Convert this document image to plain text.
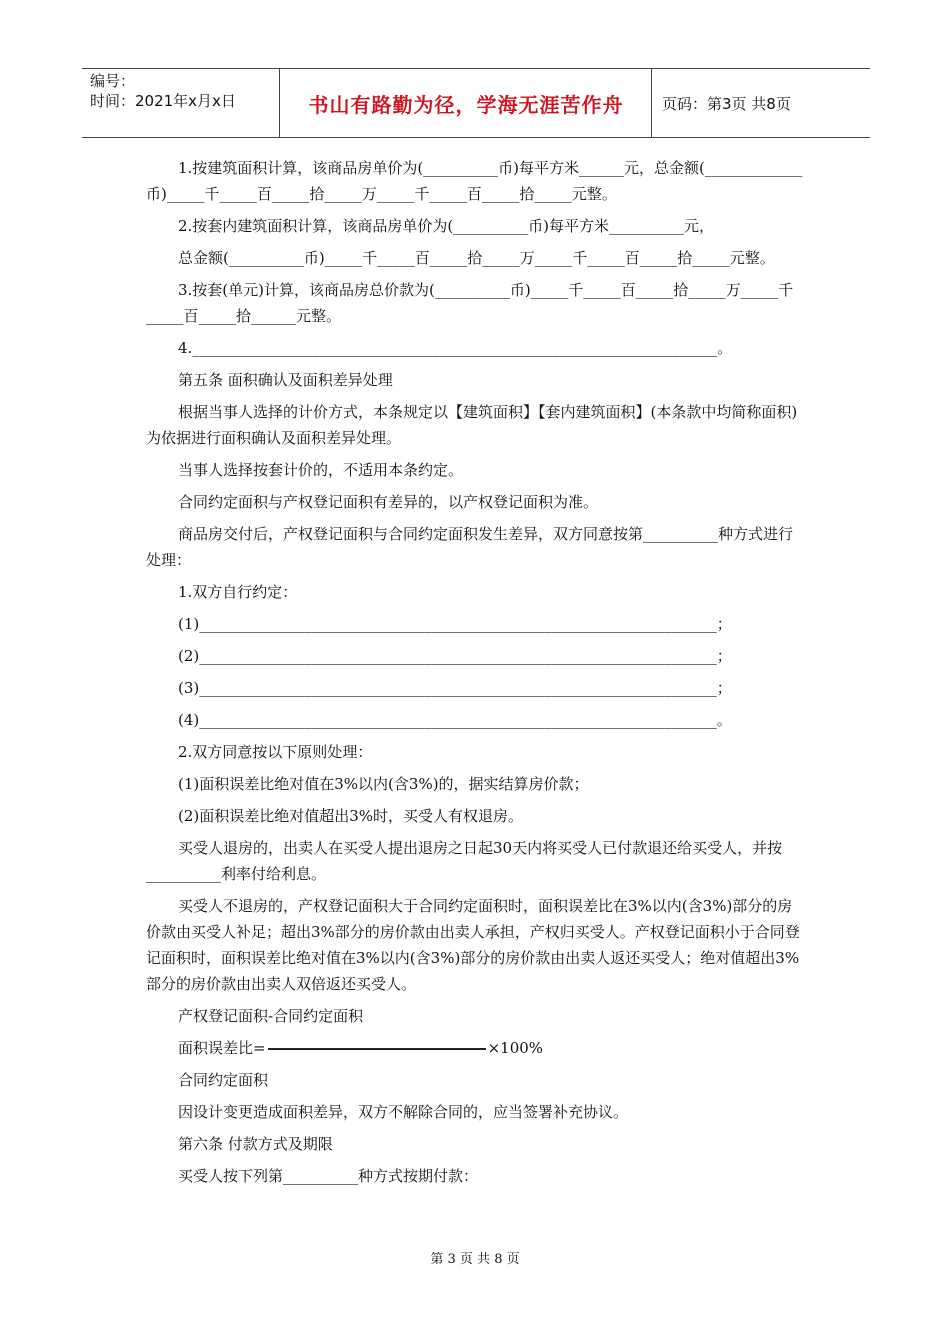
编号：
时间：2021年x月x日	书山有路勤为径，学海无涯苦作舟	页码：第3页 共8页

1.按建筑面积计算，该商品房单价为(__________币)每平方米______元，总金额(_____________币)_____千_____百_____拾_____万_____千_____百_____拾_____元整。

2.按套内建筑面积计算，该商品房单价为(__________币)每平方米__________元，

总金额(__________币)_____千_____百_____拾_____万_____千_____百_____拾_____元整。

3.按套(单元)计算，该商品房总价款为(__________币)_____千_____百_____拾_____万_____千_____百_____拾______元整。

4.______________________________________________________________________。

第五条 面积确认及面积差异处理

根据当事人选择的计价方式，本条规定以【建筑面积】【套内建筑面积】(本条款中均简称面积)为依据进行面积确认及面积差异处理。

当事人选择按套计价的，不适用本条约定。

合同约定面积与产权登记面积有差异的，以产权登记面积为准。

商品房交付后，产权登记面积与合同约定面积发生差异，双方同意按第__________种方式进行处理：

1.双方自行约定：

(1)_____________________________________________________________________；

(2)_____________________________________________________________________；

(3)_____________________________________________________________________；

(4)_____________________________________________________________________。

2.双方同意按以下原则处理：

(1)面积误差比绝对值在3%以内(含3%)的，据实结算房价款；

(2)面积误差比绝对值超出3%时，买受人有权退房。

买受人退房的，出卖人在买受人提出退房之日起30天内将买受人已付款退还给买受人，并按__________利率付给利息。

买受人不退房的，产权登记面积大于合同约定面积时，面积误差比在3%以内(含3%)部分的房价款由买受人补足；超出3%部分的房价款由出卖人承担，产权归买受人。产权登记面积小于合同登记面积时，面积误差比绝对值在3%以内(含3%)部分的房价款由出卖人返还买受人；绝对值超出3%部分的房价款由出卖人双倍返还买受人。

产权登记面积-合同约定面积

面积误差比=	×100%

合同约定面积

因设计变更造成面积差异，双方不解除合同的，应当签署补充协议。

第六条 付款方式及期限

买受人按下列第__________种方式按期付款：

第 3 页 共 8 页
